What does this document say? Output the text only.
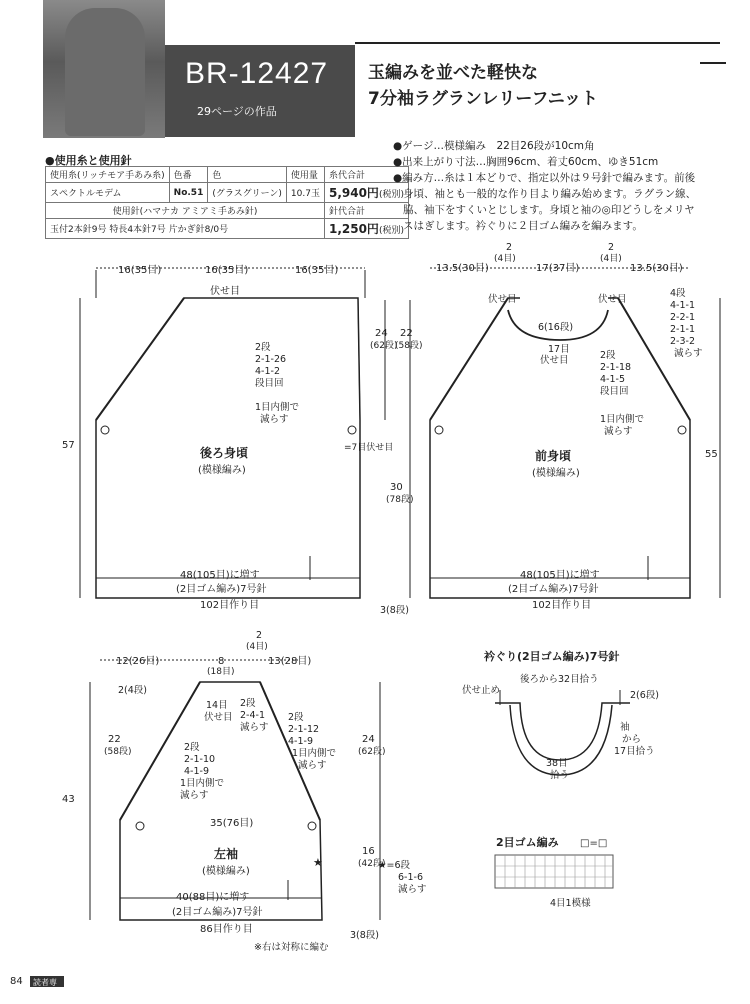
BR-12427
29ページの作品
玉編みを並べた軽快な
7分袖ラグランレリーフニット
●使用糸と使用針
使用糸(リッチモア手あみ糸)	色番	色	使用量	糸代合計
スペクトルモデム	No.51	(グラスグリーン)	10.7玉	5,940円(税別)
使用針(ハマナカ アミアミ手あみ針)				針代合計
玉付2本針9号 特長4本針7号 片かぎ針8/0号				1,250円(税別)
●ゲージ…模様編み　22目26段が10cm角
●出来上がり寸法…胸囲96cm、着丈60cm、ゆき51cm
●編み方…糸は１本どりで、指定以外は９号針で編みます。前後
身頃、袖とも一般的な作り目より編み始めます。ラグラン線、
脇、袖下をすくいとじします。身頃と袖の◎印どうしをメリヤ
スはぎします。衿ぐりに２目ゴム編みを編みます。
16(35目)	16(35目)	16(35目)
伏せ目
2段
2-1-26
4-1-2
段目回
1目内側で
減らす
24
(62段)
22
(58段)
=7目伏せ目
後ろ身頃
(模様編み)
57
30
(78段)
48(105目)に増す
(2目ゴム編み)7号針
102目作り目	3(8段)
13.5(30目)	17(37目)	13.5(30目)
2
(4目)
2
(4目)
伏せ目	伏せ目
6(16段)
17目
伏せ目
4段
4-1-1
2-2-1
2-1-1
2-3-2
減らす
2段
2-1-18
4-1-5
段目回
1目内側で
減らす
前身頃
(模様編み)
55
48(105目)に増す
(2目ゴム編み)7号針
102目作り目
2
(4目)
12(26目)	8
(18目)
13(28目)
2(4段)
14目
伏せ目
2段
2-4-1
減らす
2段
2-1-12
4-1-9
1目内側で
減らす
2段
2-1-10
4-1-9
1目内側で
減らす
22
(58段)
24
(62段)
43
35(76目)
左袖
(模様編み)
16
(42段)
★	★=6段
6-1-6
減らす
40(88目)に増す
(2目ゴム編み)7号針
86目作り目
3(8段)
※右は対称に編む
衿ぐり(2目ゴム編み)7号針
伏せ止め
後ろから32目拾う
2(6段)
袖
から
17目拾う
38目
拾う
2目ゴム編み □=□
4目1模様
84 読者専
